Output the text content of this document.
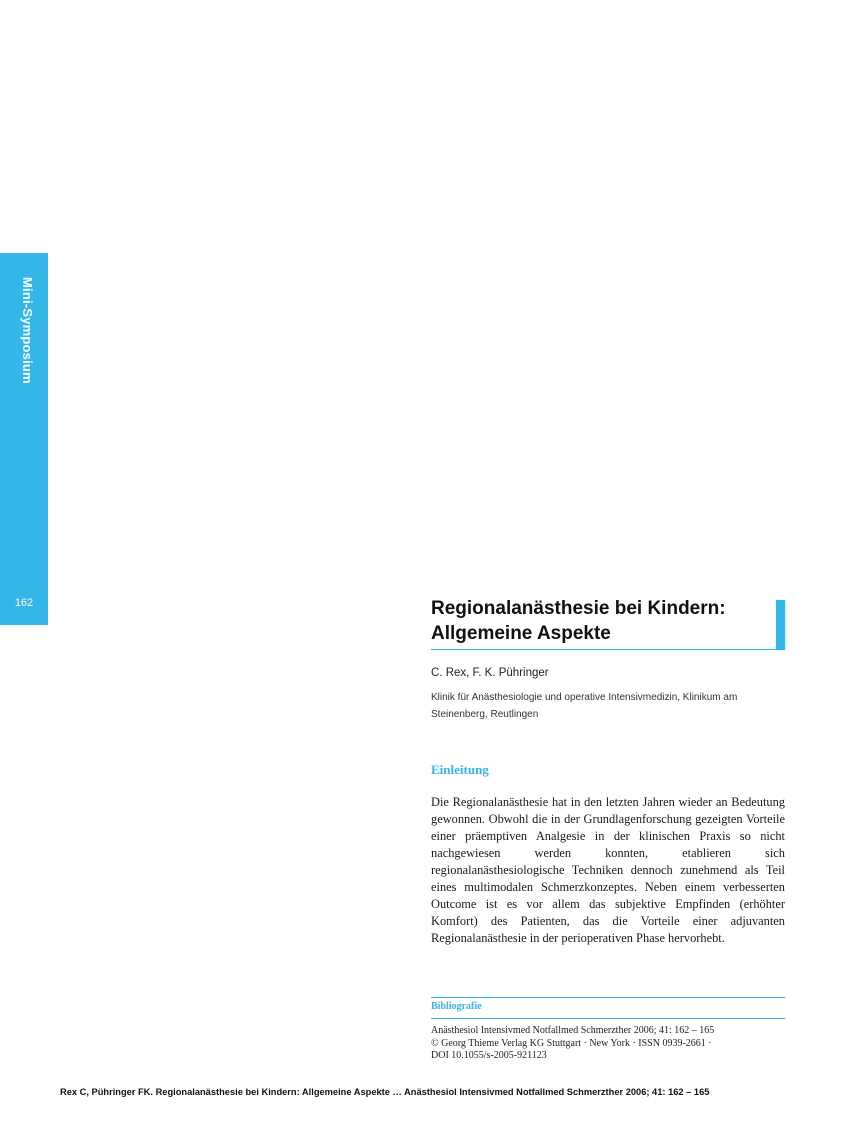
Mini-Symposium
162	Regionalanästhesie bei Kindern:
Allgemeine Aspekte
C. Rex, F. K. Pühringer
Klinik für Anästhesiologie und operative Intensivmedizin, Klinikum am Steinenberg, Reutlingen
Einleitung
Die Regionalanästhesie hat in den letzten Jahren wieder an Bedeutung gewonnen. Obwohl die in der Grundlagenforschung gezeigten Vorteile einer präemptiven Analgesie in der klinischen Praxis so nicht nachgewiesen werden konnten, etablieren sich regionalanästhesiologische Techniken dennoch zunehmend als Teil eines multimodalen Schmerzkonzeptes. Neben einem verbesserten Outcome ist es vor allem das subjektive Empfinden (erhöhter Komfort) des Patienten, das die Vorteile einer adjuvanten Regionalanästhesie in der perioperativen Phase hervorhebt.
Bibliografie
Anästhesiol Intensivmed Notfallmed Schmerzther 2006; 41: 162 – 165
© Georg Thieme Verlag KG Stuttgart · New York · ISSN 0939-2661 ·
DOI 10.1055/s-2005-921123
Rex C, Pühringer FK. Regionalanästhesie bei Kindern: Allgemeine Aspekte … Anästhesiol Intensivmed Notfallmed Schmerzther 2006; 41: 162 – 165
